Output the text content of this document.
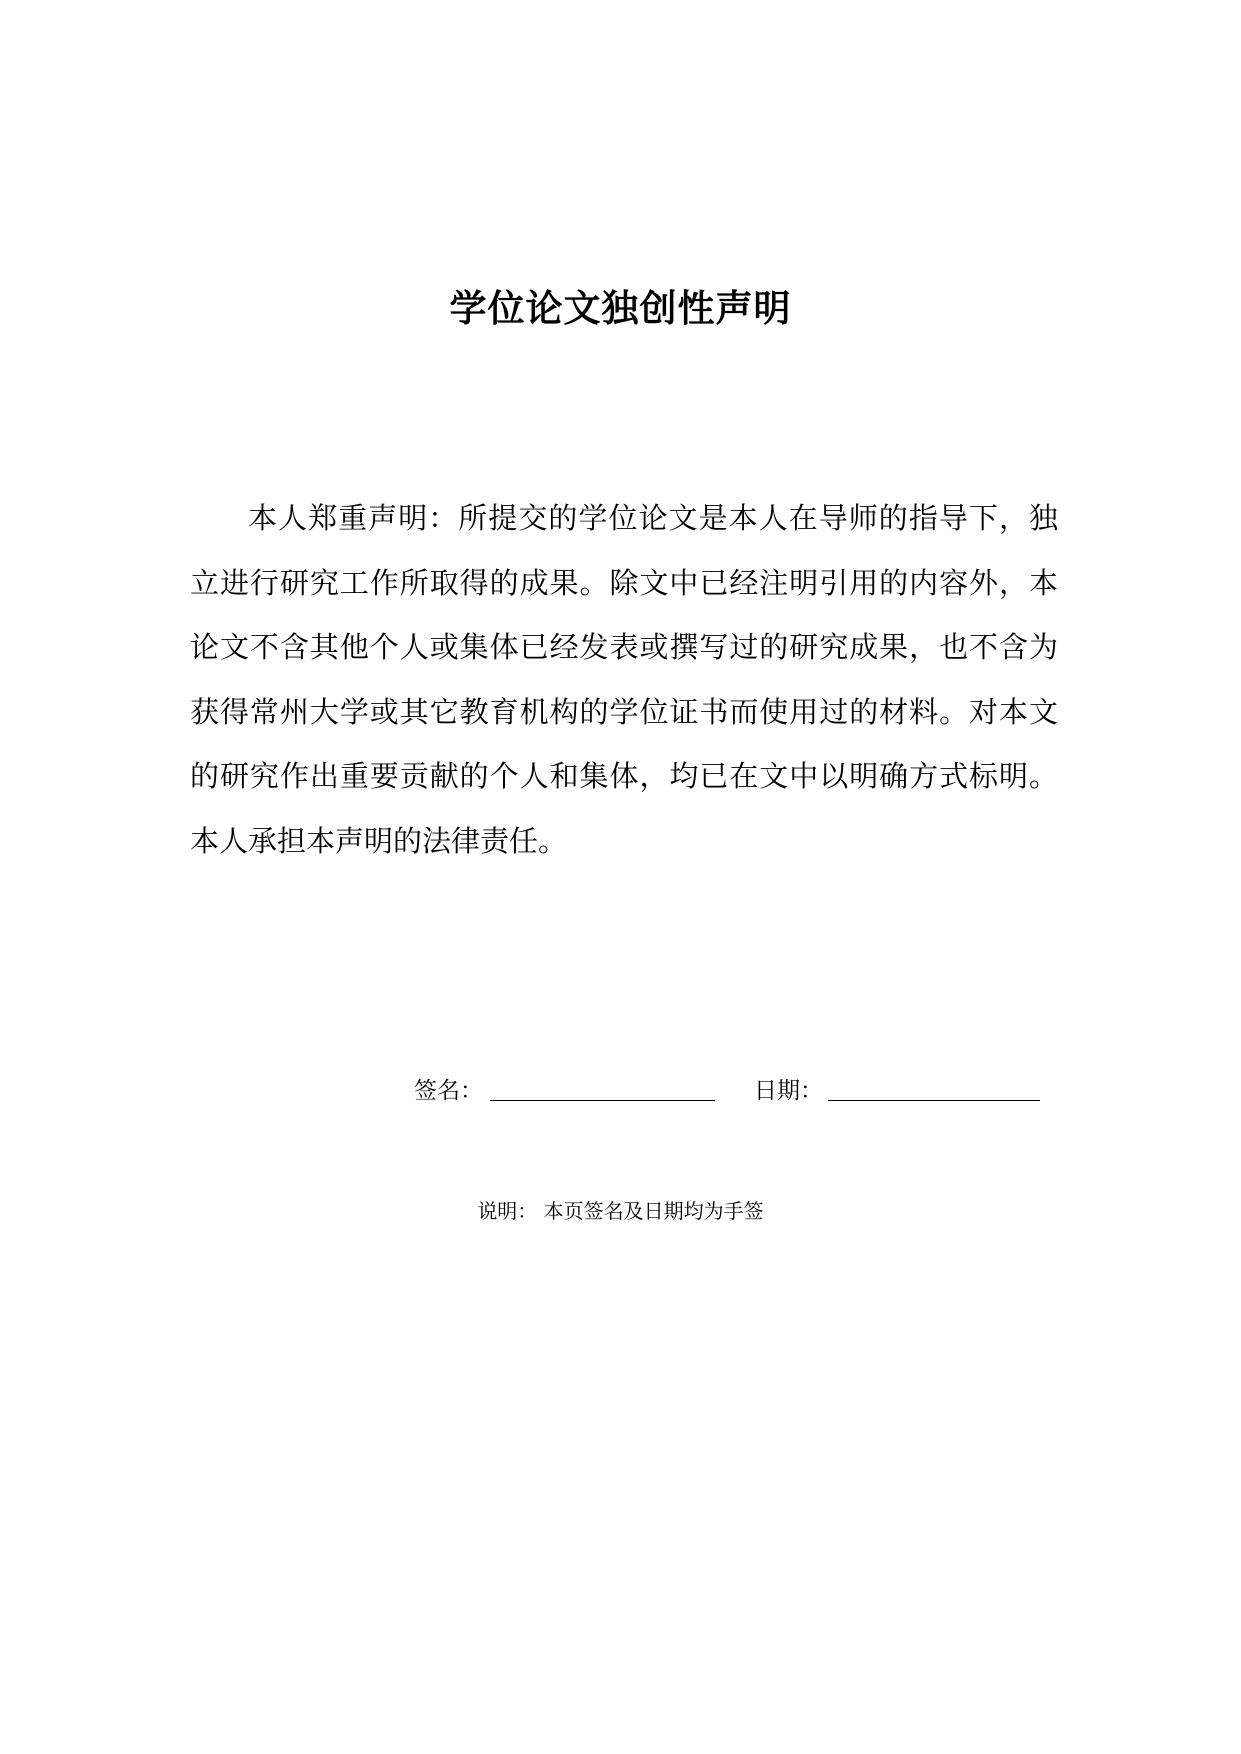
学位论文独创性声明

本人郑重声明：所提交的学位论文是本人在导师的指导下，独立进行研究工作所取得的成果。除文中已经注明引用的内容外，本论文不含其他个人或集体已经发表或撰写过的研究成果，也不含为获得常州大学或其它教育机构的学位证书而使用过的材料。对本文的研究作出重要贡献的个人和集体，均已在文中以明确方式标明。本人承担本声明的法律责任。

签名：	日期：
说明： 本页签名及日期均为手签
